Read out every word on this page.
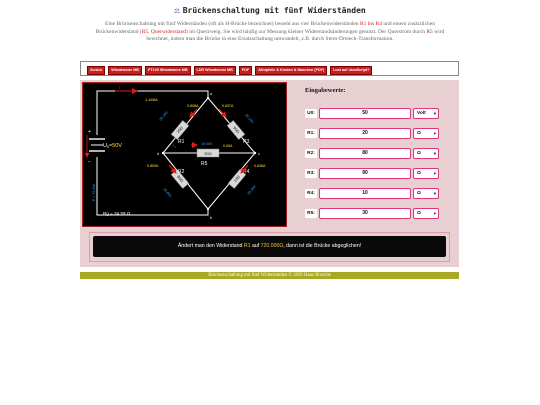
⚖ Brückenschaltung mit fünf Widerständen
Eine Brückenschaltung mit fünf Widerständen (oft als H-Brücke bezeichnet) besteht aus vier Brückenwiderständen R1 bis R4 und einem zusätzlichen Brückenwiderstand (R5, Querwiderstand) im Querzweig. Sie wird häufig zur Messung kleiner Widerstandsänderungen genutzt. Der Querstrom durch R5 wird berechnet, indem man die Brücke in eine Ersatzschaltung umwandelt, z.B. durch Stern-Dreieck-Transformation.
Zurück	Wheatstone MB	PT100 Wheatstone MB	LDR Wheatstone MB	PDF	Zählpfeile & Knoten & Maschen (PDF)	Lust auf JavaScript?
+
−
U0=50V
I
1.445A
20Ω	90Ω
80Ω	10Ω
30Ω
R1	R3
R2	R4
R5
0.808A	0.637A
0.809A	0.636A
0.00A
$I_5$
25.20V	25.10V
24.80V	25.30V
19.00V
a
b
c
d
P = 72.3W
Rg = 34.59 Ω
Eingabewerte:
U0:	50	Volt ▾
R1:	20	Ω	▾
R2:	80	Ω	▾
R3:	90	Ω	▾
R4:	10	Ω	▾
R5:	30	Ω	▾
Ändert man den Widerstand R1 auf 720.000Ω, dann ist die Brücke abgeglichen!
Brückenschaltung mit fünf Widerständen © 2026 Hans Brosche
